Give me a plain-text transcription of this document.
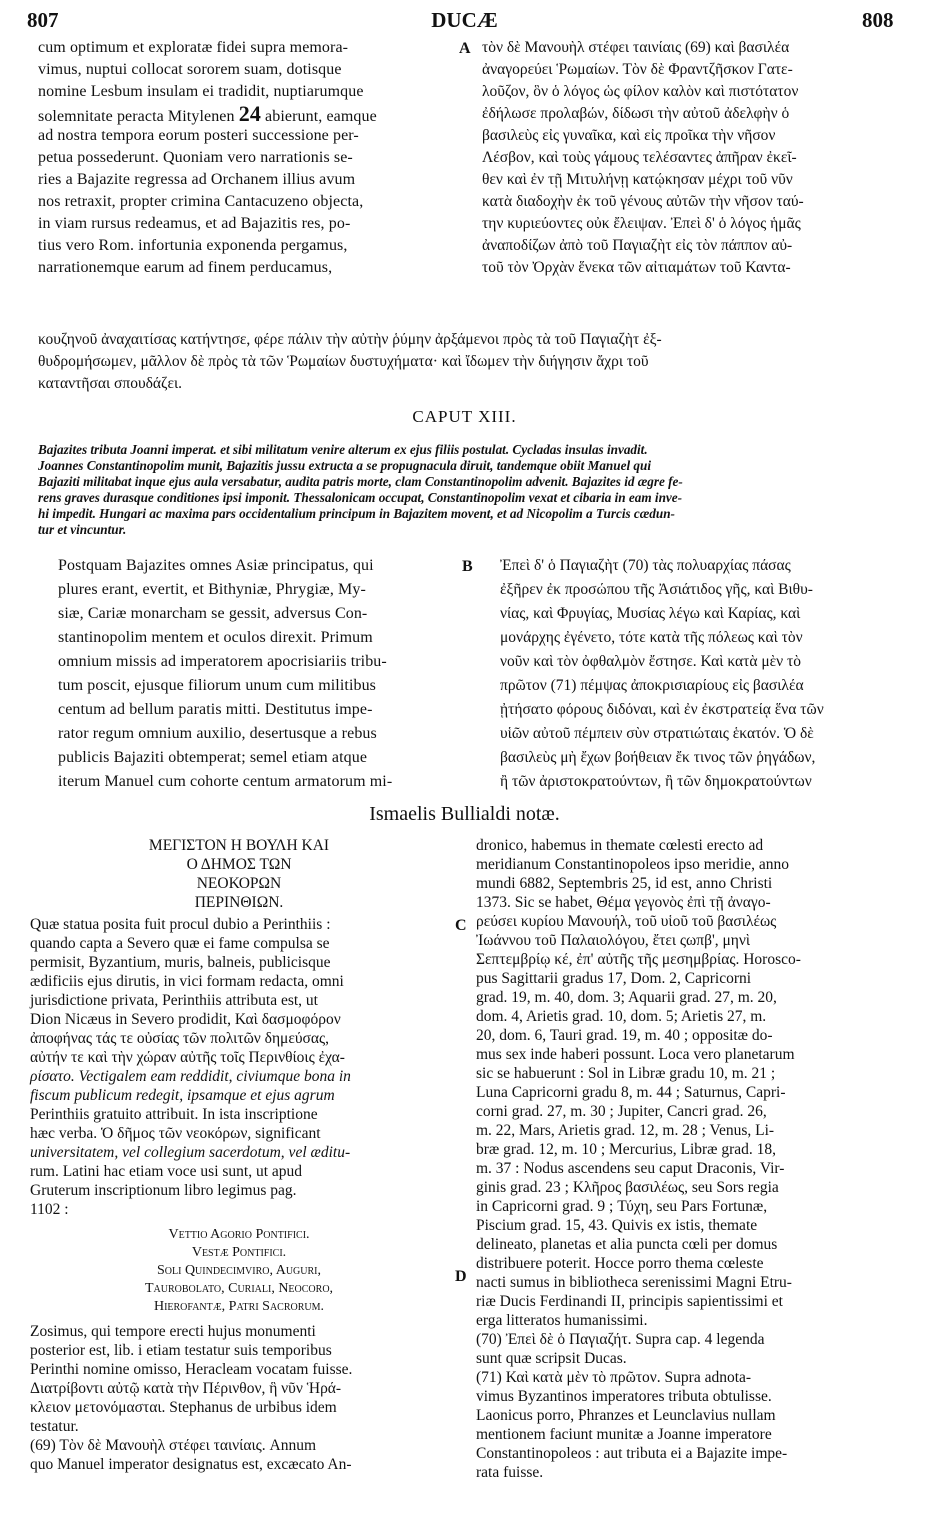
807	DUCÆ	808
cum optimum et exploratæ fidei supra memora-
vimus, nuptui collocat sororem suam, dotisque
nomine Lesbum insulam ei tradidit, nuptiarumque
solemnitate peracta Mitylenen 24 abierunt, eamque
ad nostra tempora eorum posteri successione per-
petua possederunt. Quoniam vero narrationis se-
ries a Bajazite regressa ad Orchanem illius avum
nos retraxit, propter crimina Cantacuzeno objecta,
in viam rursus redeamus, et ad Bajazitis res, po-
tius vero Rom. infortunia exponenda pergamus,
narrationemque earum ad finem perducamus,
A τὸν δὲ Μανουὴλ στέφει ταινίαις (69) καὶ βασιλέα
ἀναγορεύει Ῥωμαίων. Τὸν δὲ Φραντζῆσκον Γατε-
λοῦζον, ὃν ὁ λόγος ὡς φίλον καλὸν καὶ πιστότατον
ἐδήλωσε προλαβών, δίδωσι τὴν αὐτοῦ ἀδελφὴν ὁ
βασιλεὺς εἰς γυναῖκα, καὶ εἰς προῖκα τὴν νῆσον
Λέσβον, καὶ τοὺς γάμους τελέσαντες ἀπῆραν ἐκεῖ-
θεν καὶ ἐν τῇ Μιτυλήνῃ κατῴκησαν μέχρι τοῦ νῦν
κατὰ διαδοχὴν ἐκ τοῦ γένους αὐτῶν τὴν νῆσον ταύ-
την κυριεύοντες οὐκ ἔλειψαν. Ἐπεὶ δ' ὁ λόγος ἡμᾶς
ἀναποδίζων ἀπὸ τοῦ Παγιαζὴτ εἰς τὸν πάππον αὐ-
τοῦ τὸν Ὀρχὰν ἕνεκα τῶν αἰτιαμάτων τοῦ Καντα-
κουζηνοῦ ἀναχαιτίσας κατήντησε, φέρε πάλιν τὴν αὐτὴν ῥύμην ἀρξάμενοι πρὸς τὰ τοῦ Παγιαζὴτ ἐξ-
θυδρομήσωμεν, μᾶλλον δὲ πρὸς τὰ τῶν Ῥωμαίων δυστυχήματα· καὶ ἴδωμεν τὴν διήγησιν ἄχρι τοῦ
καταντῆσαι σπουδάζει.
CAPUT XIII.
Bajazites tributa Joanni imperat. et sibi militatum venire alterum ex ejus filiis postulat. Cycladas insulas invadit.
Joannes Constantinopolim munit, Bajazitis jussu extructa a se propugnacula diruit, tandemque obiit Manuel qui
Bajaziti militabat inque ejus aula versabatur, audita patris morte, clam Constantinopolim advenit. Bajazites id ægre fe-
rens graves durasque conditiones ipsi imponit. Thessalonicam occupat, Constantinopolim vexat et cibaria in eam inve-
hi impedit. Hungari ac maxima pars occidentalium principum in Bajazitem movent, et ad Nicopolim a Turcis cædun-
tur et vincuntur.
Postquam Bajazites omnes Asiæ principatus, qui
plures erant, evertit, et Bithyniæ, Phrygiæ, My-
siæ, Cariæ monarcham se gessit, adversus Con-
stantinopolim mentem et oculos direxit. Primum
omnium missis ad imperatorem apocrisiariis tribu-
tum poscit, ejusque filiorum unum cum militibus
centum ad bellum paratis mitti. Destitutus impe-
rator regum omnium auxilio, desertusque a rebus
publicis Bajaziti obtemperat; semel etiam atque
iterum Manuel cum cohorte centum armatorum mi-
B Ἐπεὶ δ' ὁ Παγιαζὴτ (70) τὰς πολυαρχίας πάσας
ἐξῆρεν ἐκ προσώπου τῆς Ἀσιάτιδος γῆς, καὶ Βιθυ-
νίας, καὶ Φρυγίας, Μυσίας λέγω καὶ Καρίας, καὶ
μονάρχης ἐγένετο, τότε κατὰ τῆς πόλεως καὶ τὸν
νοῦν καὶ τὸν ὀφθαλμὸν ἔστησε. Καὶ κατὰ μὲν τὸ
πρῶτον (71) πέμψας ἀποκρισιαρίους εἰς βασιλέα
ᾐτήσατο φόρους διδόναι, καὶ ἐν ἐκστρατείᾳ ἕνα τῶν
υἱῶν αὐτοῦ πέμπειν σὺν στρατιώταις ἑκατόν. Ὁ δὲ
βασιλεὺς μὴ ἔχων βοήθειαν ἔκ τινος τῶν ῥηγάδων,
ἢ τῶν ἀριστοκρατούντων, ἢ τῶν δημοκρατούντων
Ismaelis Bullialdi notæ.
ΜΕΓΙΣΤΟΝ Η ΒΟΥΛΗ ΚΑΙ
Ο ΔΗΜΟΣ ΤΩΝ
ΝΕΟΚΟΡΩΝ
ΠΕΡΙΝΘΙΩΝ.
Quæ statua posita fuit procul dubio a Perinthiis :
quando capta a Severo quæ ei fame compulsa se
permisit, Byzantium, muris, balneis, publicisque
ædificiis ejus dirutis, in vici formam redacta, omni
jurisdictione privata, Perinthiis attributa est, ut
Dion Nicæus in Severo prodidit, Καὶ δασμοφόρον
ἀποφήνας τάς τε οὐσίας τῶν πολιτῶν δημεύσας,
αὐτήν τε καὶ τὴν χώραν αὐτῆς τοῖς Περινθίοις ἐχα-
ρίσατο. Vectigalem eam reddidit, civiumque bona in
fiscum publicum redegit, ipsamque et ejus agrum
Perinthiis gratuito attribuit. In ista inscriptione
hæc verba. Ὁ δῆμος τῶν νεοκόρων, significant
universitatem, vel collegium sacerdotum, vel æditu-
rum. Latini hac etiam voce usi sunt, ut apud
Gruterum inscriptionum libro legimus pag.
1102 :
Vettio Agorio Pontifici.
Vestæ Pontifici.
Soli Quindecimviro, Auguri,
Taurobolato, Curiali, Neocoro,
Hierofantæ, Patri Sacrorum.
Zosimus, qui tempore erecti hujus monumenti
posterior est, lib. i etiam testatur suis temporibus
Perinthi nomine omisso, Heracleam vocatam fuisse.
Διατρίβοντι αὐτῷ κατὰ τὴν Πέρινθον, ἣ νῦν Ἡρά-
κλειον μετονόμασται. Stephanus de urbibus idem
testatur.
(69) Τὸν δὲ Μανουὴλ στέφει ταινίαις. Annum
quo Manuel imperator designatus est, excæcato An-
C
D
dronico, habemus in themate cœlesti erecto ad
meridianum Constantinopoleos ipso meridie, anno
mundi 6882, Septembris 25, id est, anno Christi
1373. Sic se habet, Θέμα γεγονὸς ἐπὶ τῇ ἀναγο-
ρεύσει κυρίου Μανουήλ, τοῦ υἱοῦ τοῦ βασιλέως
Ἰωάννου τοῦ Παλαιολόγου, ἔτει ςωπβ', μηνὶ
Σεπτεμβρίῳ κέ, ἐπ' αὐτῆς τῆς μεσημβρίας. Horosco-
pus Sagittarii gradus 17, Dom. 2, Capricorni
grad. 19, m. 40, dom. 3; Aquarii grad. 27, m. 20,
dom. 4, Arietis grad. 10, dom. 5; Arietis 27, m.
20, dom. 6, Tauri grad. 19, m. 40 ; oppositæ do-
mus sex inde haberi possunt. Loca vero planetarum
sic se habuerunt : Sol in Libræ gradu 10, m. 21 ;
Luna Capricorni gradu 8, m. 44 ; Saturnus, Capri-
corni grad. 27, m. 30 ; Jupiter, Cancri grad. 26,
m. 22, Mars, Arietis grad. 12, m. 28 ; Venus, Li-
bræ grad. 12, m. 10 ; Mercurius, Libræ grad. 18,
m. 37 : Nodus ascendens seu caput Draconis, Vir-
ginis grad. 23 ; Κλῆρος βασιλέως, seu Sors regia
in Capricorni grad. 9 ; Τύχη, seu Pars Fortunæ,
Piscium grad. 15, 43. Quivis ex istis, themate
delineato, planetas et alia puncta cœli per domus
distribuere poterit. Hocce porro thema cœleste
nacti sumus in bibliotheca serenissimi Magni Etru-
riæ Ducis Ferdinandi II, principis sapientissimi et
erga litteratos humanissimi.
(70) Ἐπεὶ δὲ ὁ Παγιαζήτ. Supra cap. 4 legenda
sunt quæ scripsit Ducas.
(71) Καὶ κατὰ μὲν τὸ πρῶτον. Supra adnota-
vimus Byzantinos imperatores tributa obtulisse.
Laonicus porro, Phranzes et Leunclavius nullam
mentionem faciunt munitæ a Joanne imperatore
Constantinopoleos : aut tributa ei a Bajazite impe-
rata fuisse.
